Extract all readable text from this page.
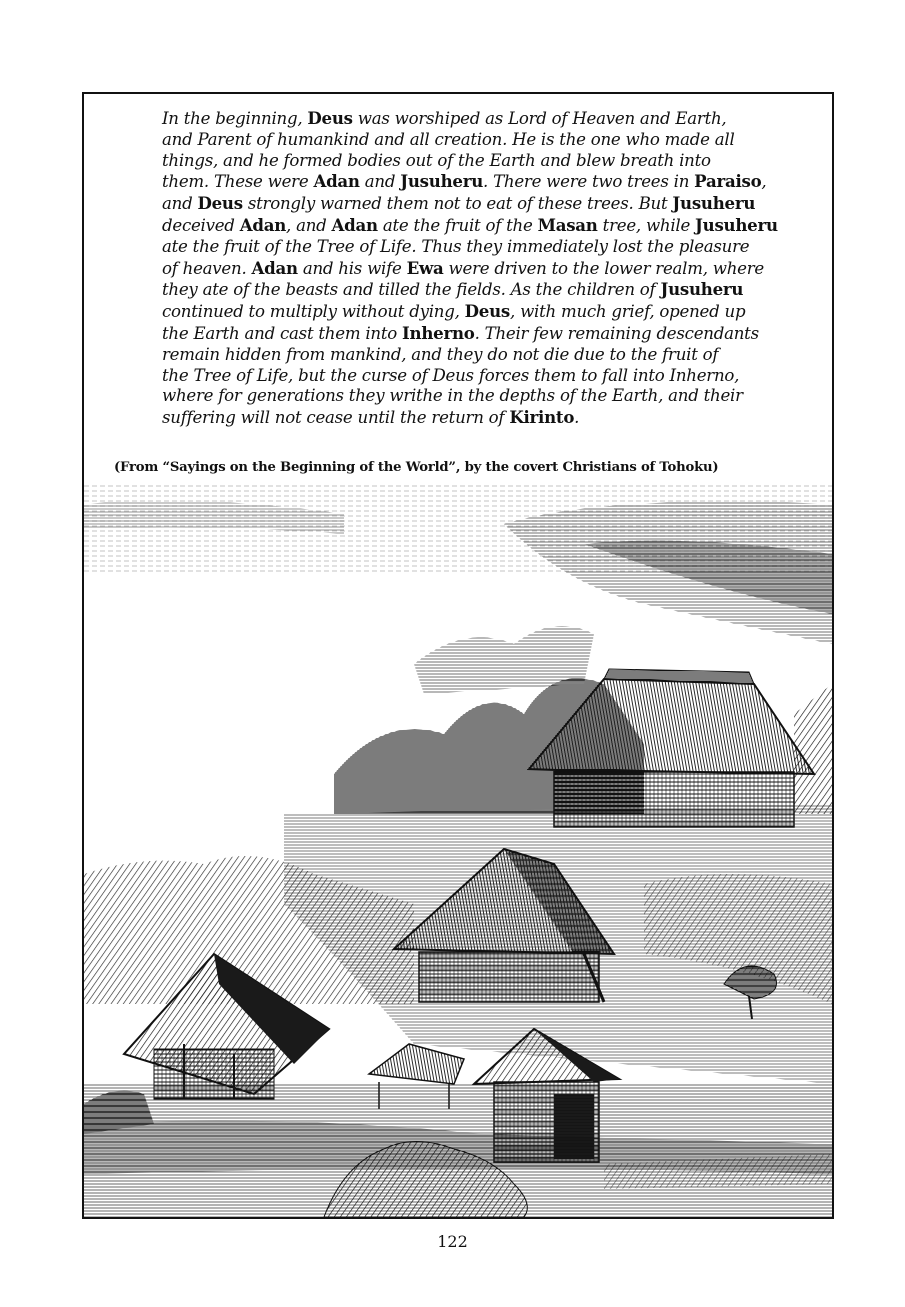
In the beginning, Deus was worshiped as Lord of Heaven and Earth,

and Parent of humankind and all creation. He is the one who made all

things, and he formed bodies out of the Earth and blew breath into

them. These were Adan and Jusuheru. There were two trees in Paraiso,

and Deus strongly warned them not to eat of these trees. But Jusuheru

deceived Adan, and Adan ate the fruit of the Masan tree, while Jusuheru

ate the fruit of the Tree of Life. Thus they immediately lost the pleasure

of heaven. Adan and his wife Ewa were driven to the lower realm, where

they ate of the beasts and tilled the fields. As the children of Jusuheru

continued to multiply without dying, Deus, with much grief, opened up

the Earth and cast them into Inherno. Their few remaining descendants

remain hidden from mankind, and they do not die due to the fruit of

the Tree of Life, but the curse of Deus forces them to fall into Inherno,

where for generations they writhe in the depths of the Earth, and their

suffering will not cease until the return of Kirinto.

(From “Sayings on the Beginning of the World”, by the covert Christians of Tohoku)
122
